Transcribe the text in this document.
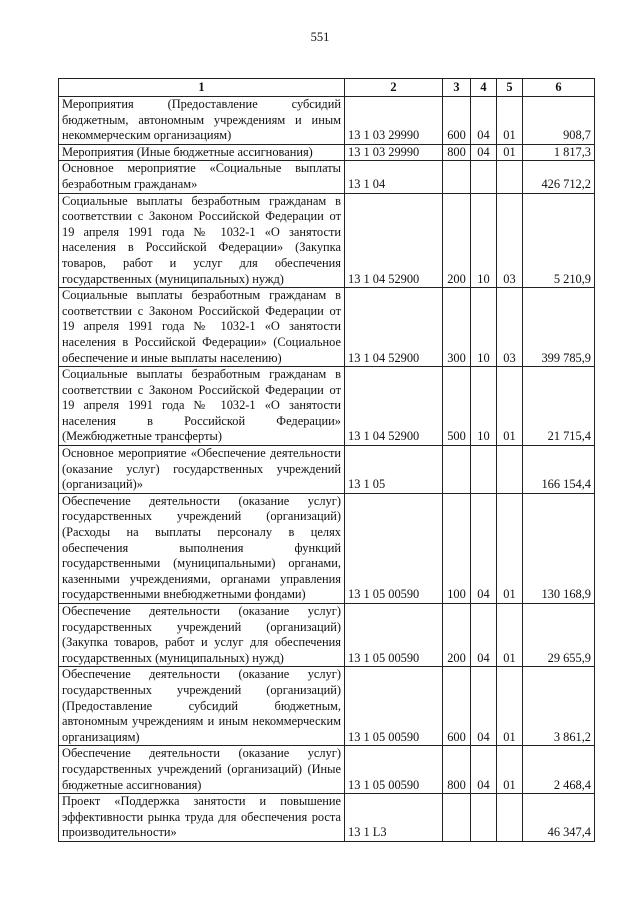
551
1	2	3	4	5	6
Мероприятия (Предоставление субсидий бюджетным, автономным учреждениям и иным некоммерческим организациям)	13 1 03 29990	600	04	01	908,7
Мероприятия (Иные бюджетные ассигнования)	13 1 03 29990	800	04	01	1 817,3
Основное мероприятие «Социальные выплаты безработным гражданам»	13 1 04				426 712,2
Социальные выплаты безработным гражданам в соответствии с Законом Российской Федерации от 19 апреля 1991 года № 1032-1 «О занятости населения в Российской Федерации» (Закупка товаров, работ и услуг для обеспечения государственных (муниципальных) нужд)	13 1 04 52900	200	10	03	5 210,9
Социальные выплаты безработным гражданам в соответствии с Законом Российской Федерации от 19 апреля 1991 года № 1032-1 «О занятости населения в Российской Федерации» (Социальное обеспечение и иные выплаты населению)	13 1 04 52900	300	10	03	399 785,9
Социальные выплаты безработным гражданам в соответствии с Законом Российской Федерации от 19 апреля 1991 года № 1032-1 «О занятости населения в Российской Федерации» (Межбюджетные трансферты)	13 1 04 52900	500	10	01	21 715,4
Основное мероприятие «Обеспечение деятельности (оказание услуг) государственных учреждений (организаций)»	13 1 05				166 154,4
Обеспечение деятельности (оказание услуг) государственных учреждений (организаций) (Расходы на выплаты персоналу в целях обеспечения выполнения функций государственными (муниципальными) органами, казенными учреждениями, органами управления государственными внебюджетными фондами)	13 1 05 00590	100	04	01	130 168,9
Обеспечение деятельности (оказание услуг) государственных учреждений (организаций) (Закупка товаров, работ и услуг для обеспечения государственных (муниципальных) нужд)	13 1 05 00590	200	04	01	29 655,9
Обеспечение деятельности (оказание услуг) государственных учреждений (организаций) (Предоставление субсидий бюджетным, автономным учреждениям и иным некоммерческим организациям)	13 1 05 00590	600	04	01	3 861,2
Обеспечение деятельности (оказание услуг) государственных учреждений (организаций) (Иные бюджетные ассигнования)	13 1 05 00590	800	04	01	2 468,4
Проект «Поддержка занятости и повышение эффективности рынка труда для обеспечения роста производительности»	13 1 L3				46 347,4
